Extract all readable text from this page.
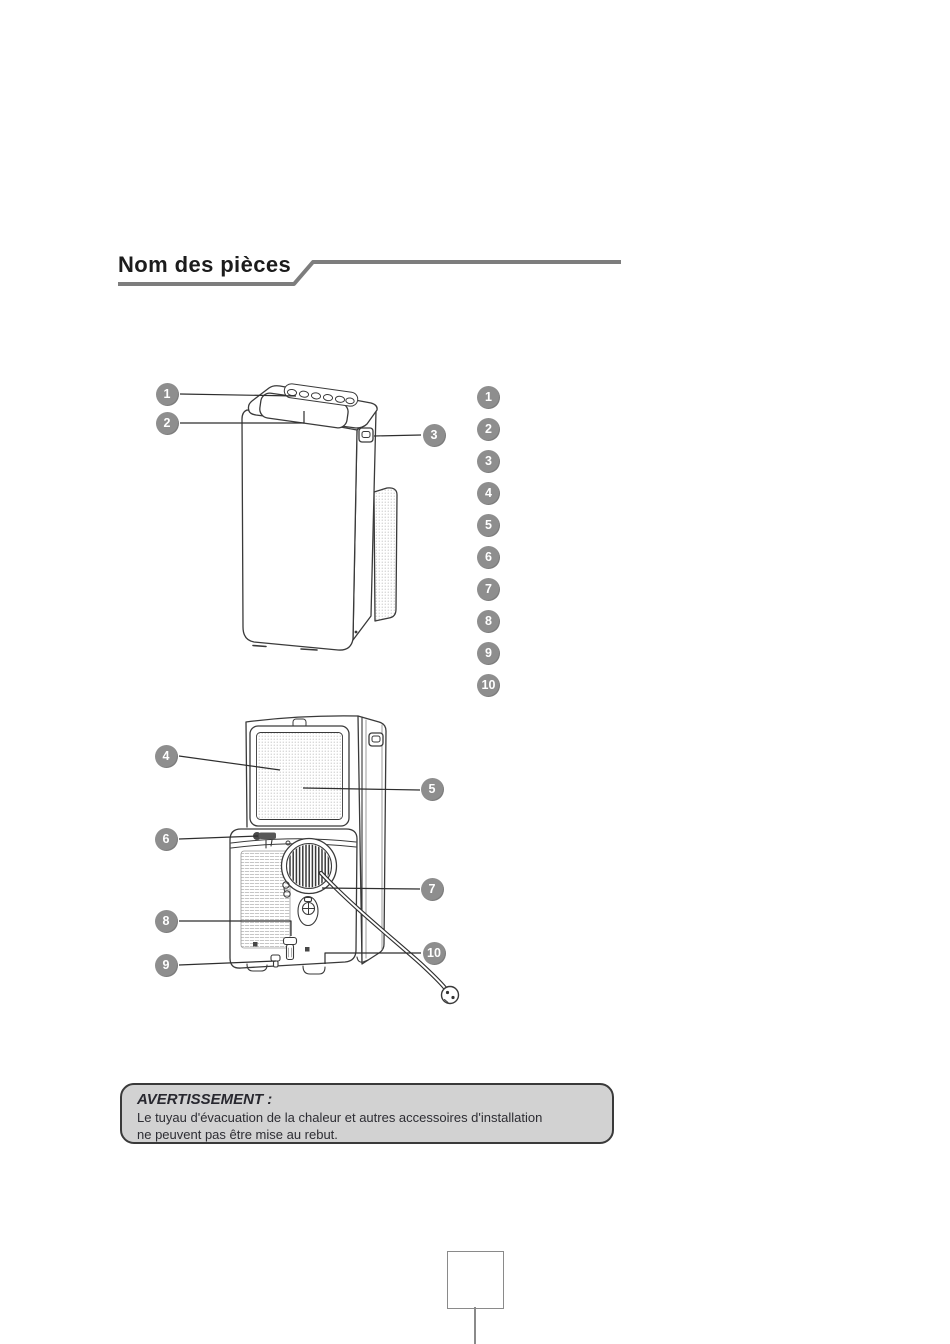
Nom des pièces
1
2
3
4
5
6
7
8
9
10
1
2
3
4
5
6
7
8
9
10
AVERTISSEMENT :
Le tuyau d'évacuation de la chaleur et autres accessoires d'installation
ne peuvent pas être mise au rebut.
